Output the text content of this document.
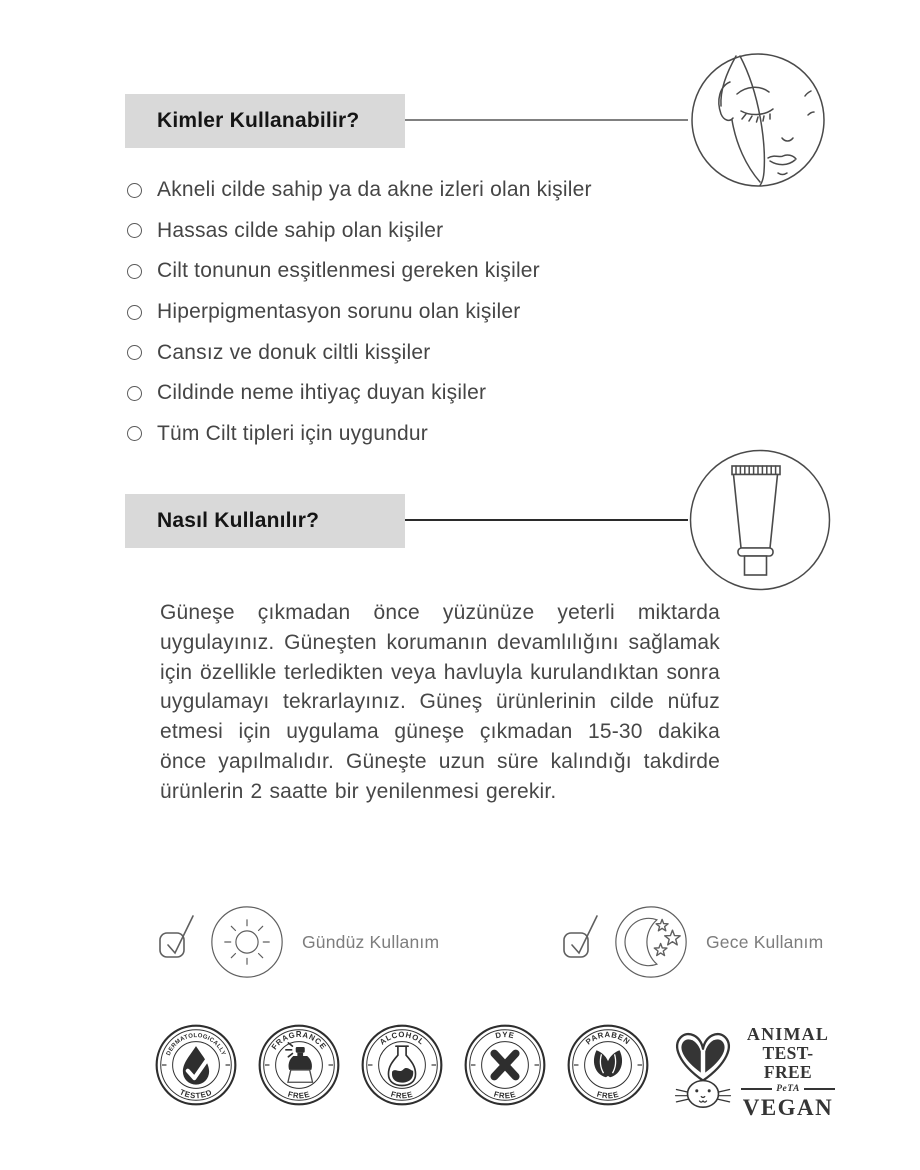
Kimler Kullanabilir?
Akneli cilde sahip ya da akne izleri olan kişiler
Hassas cilde sahip olan kişiler
Cilt tonunun esşitlenmesi gereken kişiler
Hiperpigmentasyon sorunu olan kişiler
Cansız ve donuk ciltli kisşiler
Cildinde neme ihtiyaç duyan kişiler
Tüm Cilt tipleri için uygundur
Nasıl Kullanılır?
Güneşe çıkmadan önce yüzünüze yeterli miktarda uygulayınız. Güneşten korumanın devamlılığını sağlamak için özellikle terledikten veya havluyla kurulandıktan sonra uygulamayı tekrarlayınız. Güneş ürünlerinin cilde nüfuz etmesi için uygulama güneşe çıkmadan 15-30 dakika önce yapılmalıdır. Güneşte uzun süre kalındığı takdirde ürünlerin 2 saatte bir yenilenmesi gerekir.
Gündüz Kullanım	Gece Kullanım
DERMATOLOGICALLY
TESTED
FRAGRANCE
FREE
ALCOHOL
FREE
DYE
FREE
PARABEN
FREE
ANIMAL
TEST-FREE
PeTA
VEGAN
